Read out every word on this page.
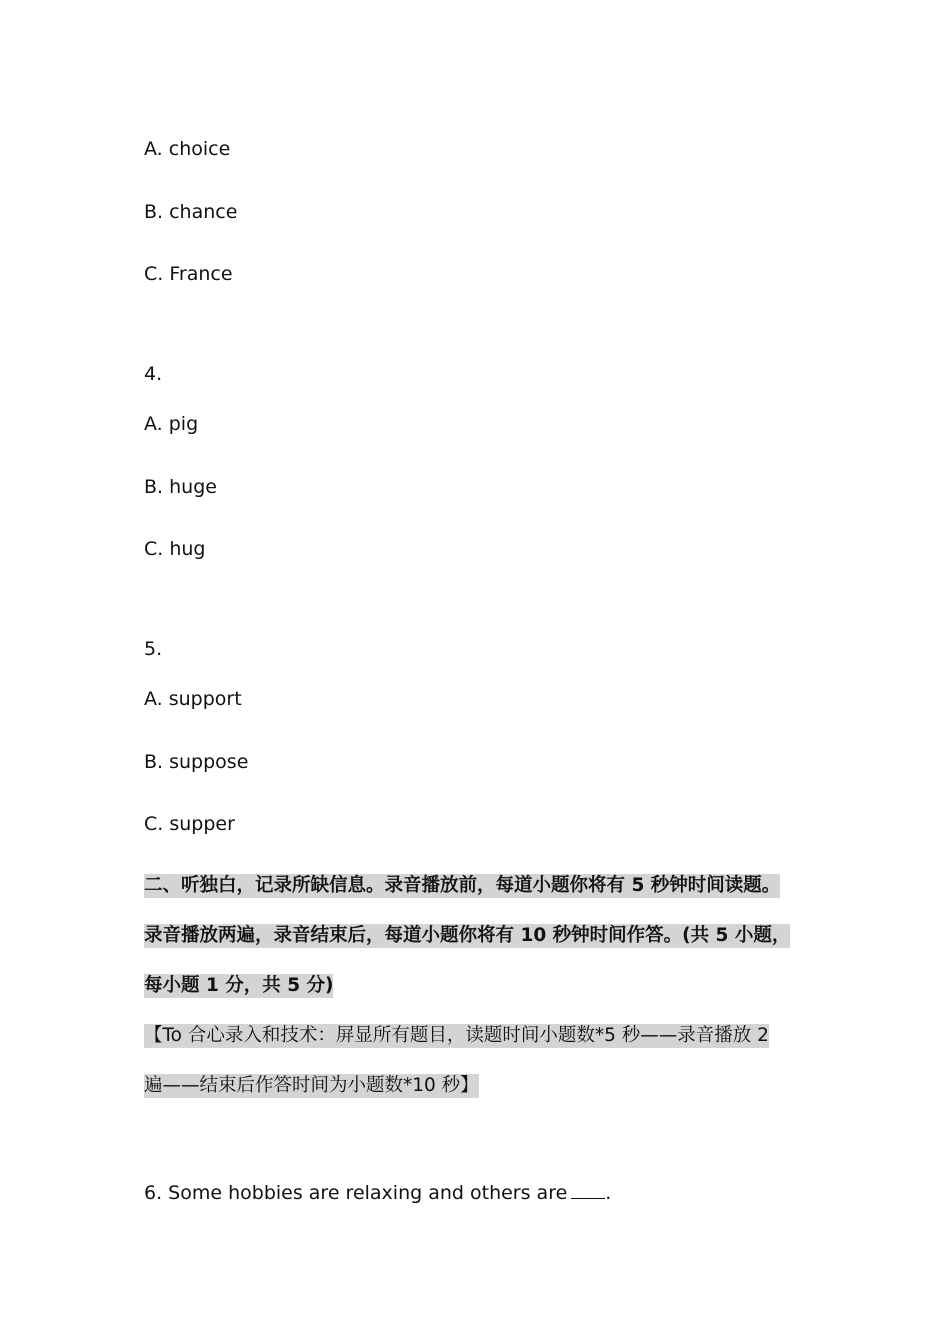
A. choice
B. chance
C. France
4.
A. pig
B. huge
C. hug
5.
A. support
B. suppose
C. supper
二、听独白，记录所缺信息。录音播放前，每道小题你将有 5 秒钟时间读题。
录音播放两遍，录音结束后，每道小题你将有 10 秒钟时间作答。(共 5 小题，
每小题 1 分，共 5 分)
【To 合心录入和技术：屏显所有题目，读题时间小题数*5 秒——录音播放 2
遍——结束后作答时间为小题数*10 秒】
6. Some hobbies are relaxing and others are .
